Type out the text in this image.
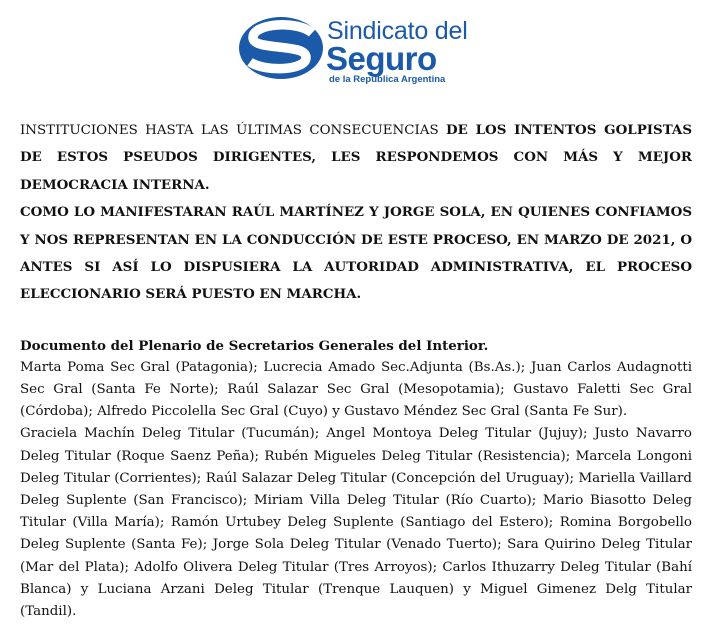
Sindicato del
Seguro
de la República Argentina

INSTITUCIONES HASTA LAS ÚLTIMAS CONSECUENCIAS DE LOS INTENTOS GOLPISTAS DE ESTOS PSEUDOS DIRIGENTES, LES RESPONDEMOS CON MÁS Y MEJOR DEMOCRACIA INTERNA.
COMO LO MANIFESTARAN RAÚL MARTÍNEZ Y JORGE SOLA, EN QUIENES CONFIAMOS Y NOS REPRESENTAN EN LA CONDUCCIÓN DE ESTE PROCESO, EN MARZO DE 2021, O ANTES SI ASÍ LO DISPUSIERA LA AUTORIDAD ADMINISTRATIVA, EL PROCESO ELECCIONARIO SERÁ PUESTO EN MARCHA.

Documento del Plenario de Secretarios Generales del Interior.

Marta Poma Sec Gral (Patagonia); Lucrecia Amado Sec.Adjunta (Bs.As.); Juan Carlos Audagnotti Sec Gral (Santa Fe Norte); Raúl Salazar Sec Gral (Mesopotamia); Gustavo Faletti Sec Gral (Córdoba); Alfredo Piccolella Sec Gral (Cuyo) y Gustavo Méndez Sec Gral (Santa Fe Sur).

Graciela Machín Deleg Titular (Tucumán); Angel Montoya Deleg Titular (Jujuy); Justo Navarro Deleg Titular (Roque Saenz Peña); Rubén Migueles Deleg Titular (Resistencia); Marcela Longoni Deleg Titular (Corrientes); Raúl Salazar Deleg Titular (Concepción del Uruguay); Mariella Vaillard Deleg Suplente (San Francisco); Miriam Villa Deleg Titular (Río Cuarto); Mario Biasotto Deleg Titular (Villa María); Ramón Urtubey Deleg Suplente (Santiago del Estero); Romina Borgobello Deleg Suplente (Santa Fe); Jorge Sola Deleg Titular (Venado Tuerto); Sara Quirino Deleg Titular (Mar del Plata); Adolfo Olivera Deleg Titular (Tres Arroyos); Carlos Ithuzarry Deleg Titular (Bahí Blanca) y Luciana Arzani Deleg Titular (Trenque Lauquen) y Miguel Gimenez Delg Titular (Tandil).
